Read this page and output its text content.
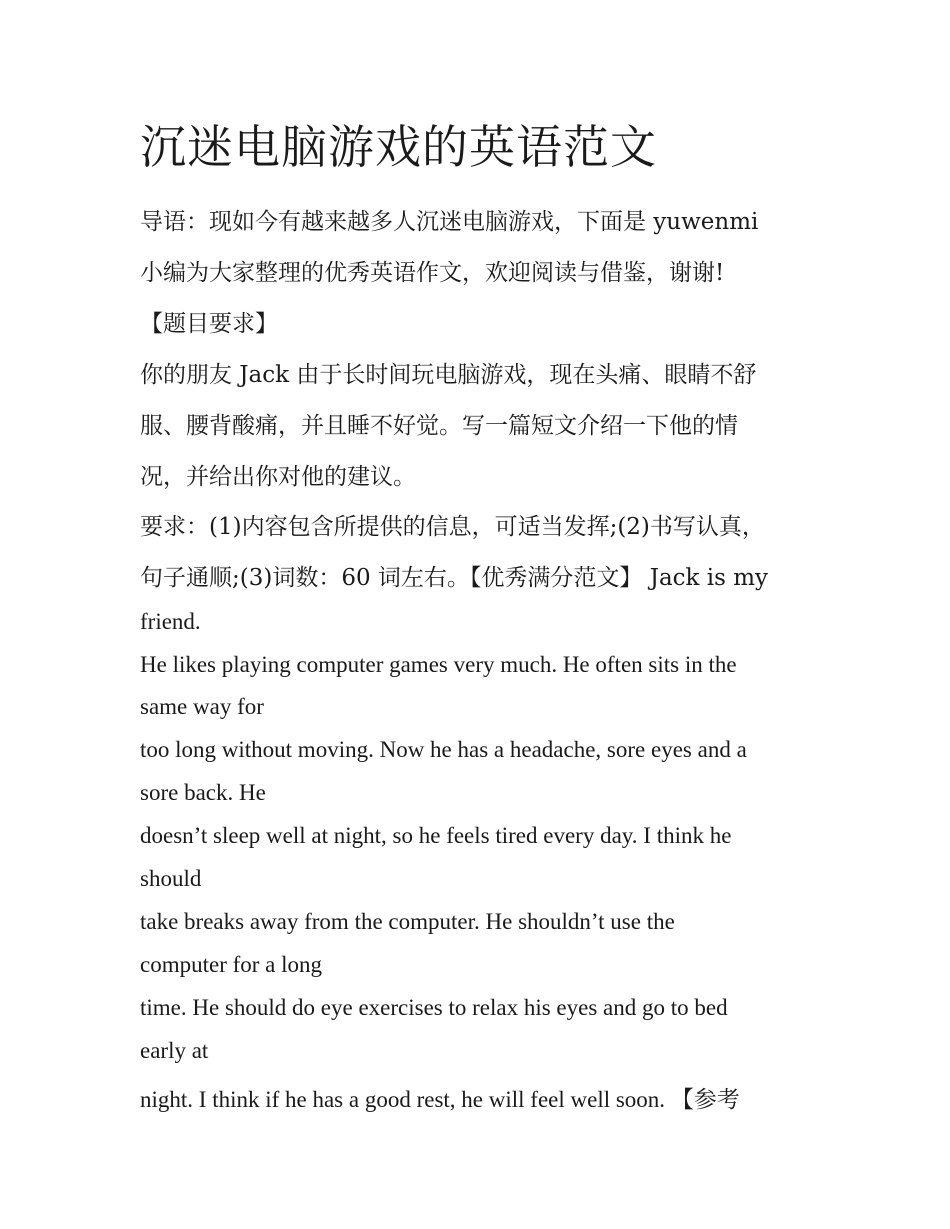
沉迷电脑游戏的英语范文

导语：现如今有越来越多人沉迷电脑游戏，下面是 yuwenmi

小编为大家整理的优秀英语作文，欢迎阅读与借鉴，谢谢!

【题目要求】

你的朋友 Jack 由于长时间玩电脑游戏，现在头痛、眼睛不舒

服、腰背酸痛，并且睡不好觉。写一篇短文介绍一下他的情

况，并给出你对他的建议。

要求：(1)内容包含所提供的信息，可适当发挥;(2)书写认真，

句子通顺;(3)词数：60 词左右。【优秀满分范文】 Jack is my

friend.

He likes playing computer games very much. He often sits in the

same way for

too long without moving. Now he has a headache, sore eyes and a

sore back. He

doesn’t sleep well at night, so he feels tired every day. I think he

should

take breaks away from the computer. He shouldn’t use the

computer for a long

time. He should do eye exercises to relax his eyes and go to bed

early at

night. I think if he has a good rest, he will feel well soon. 【参考
